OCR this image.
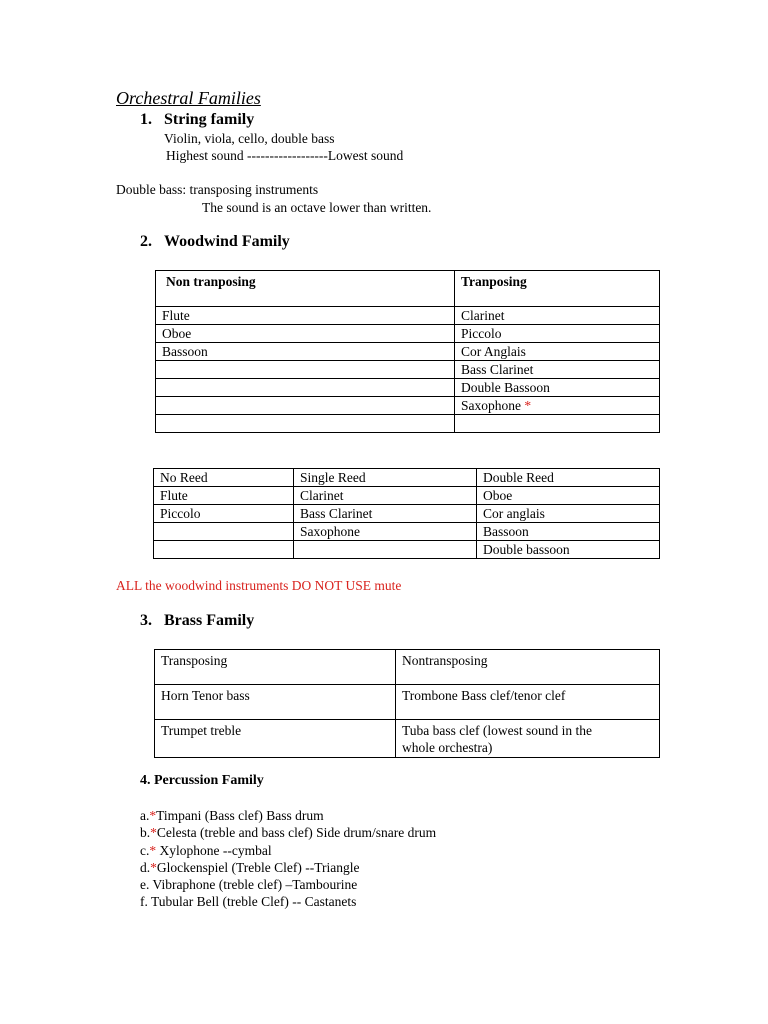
Orchestral Families
1. String family
Violin, viola, cello, double bass
Highest sound ------------------Lowest sound
Double bass: transposing instruments
The sound is an octave lower than written.
2. Woodwind Family
Non tranposing	Tranposing
Flute	Clarinet
Oboe	Piccolo
Bassoon	Cor Anglais
	Bass Clarinet
	Double Bassoon
	Saxophone *

No Reed	Single Reed	Double Reed
Flute	Clarinet	Oboe
Piccolo	Bass Clarinet	Cor anglais
	Saxophone	Bassoon
		Double bassoon
ALL the woodwind instruments DO NOT USE mute
3. Brass Family
Transposing	Nontransposing
Horn Tenor bass	Trombone Bass clef/tenor clef
Trumpet treble	Tuba bass clef (lowest sound in the
whole orchestra)
4. Percussion Family
a.*Timpani (Bass clef) Bass drum
b.*Celesta (treble and bass clef) Side drum/snare drum
c.* Xylophone --cymbal
d.*Glockenspiel (Treble Clef) --Triangle
e. Vibraphone (treble clef) –Tambourine
f. Tubular Bell (treble Clef) -- Castanets
